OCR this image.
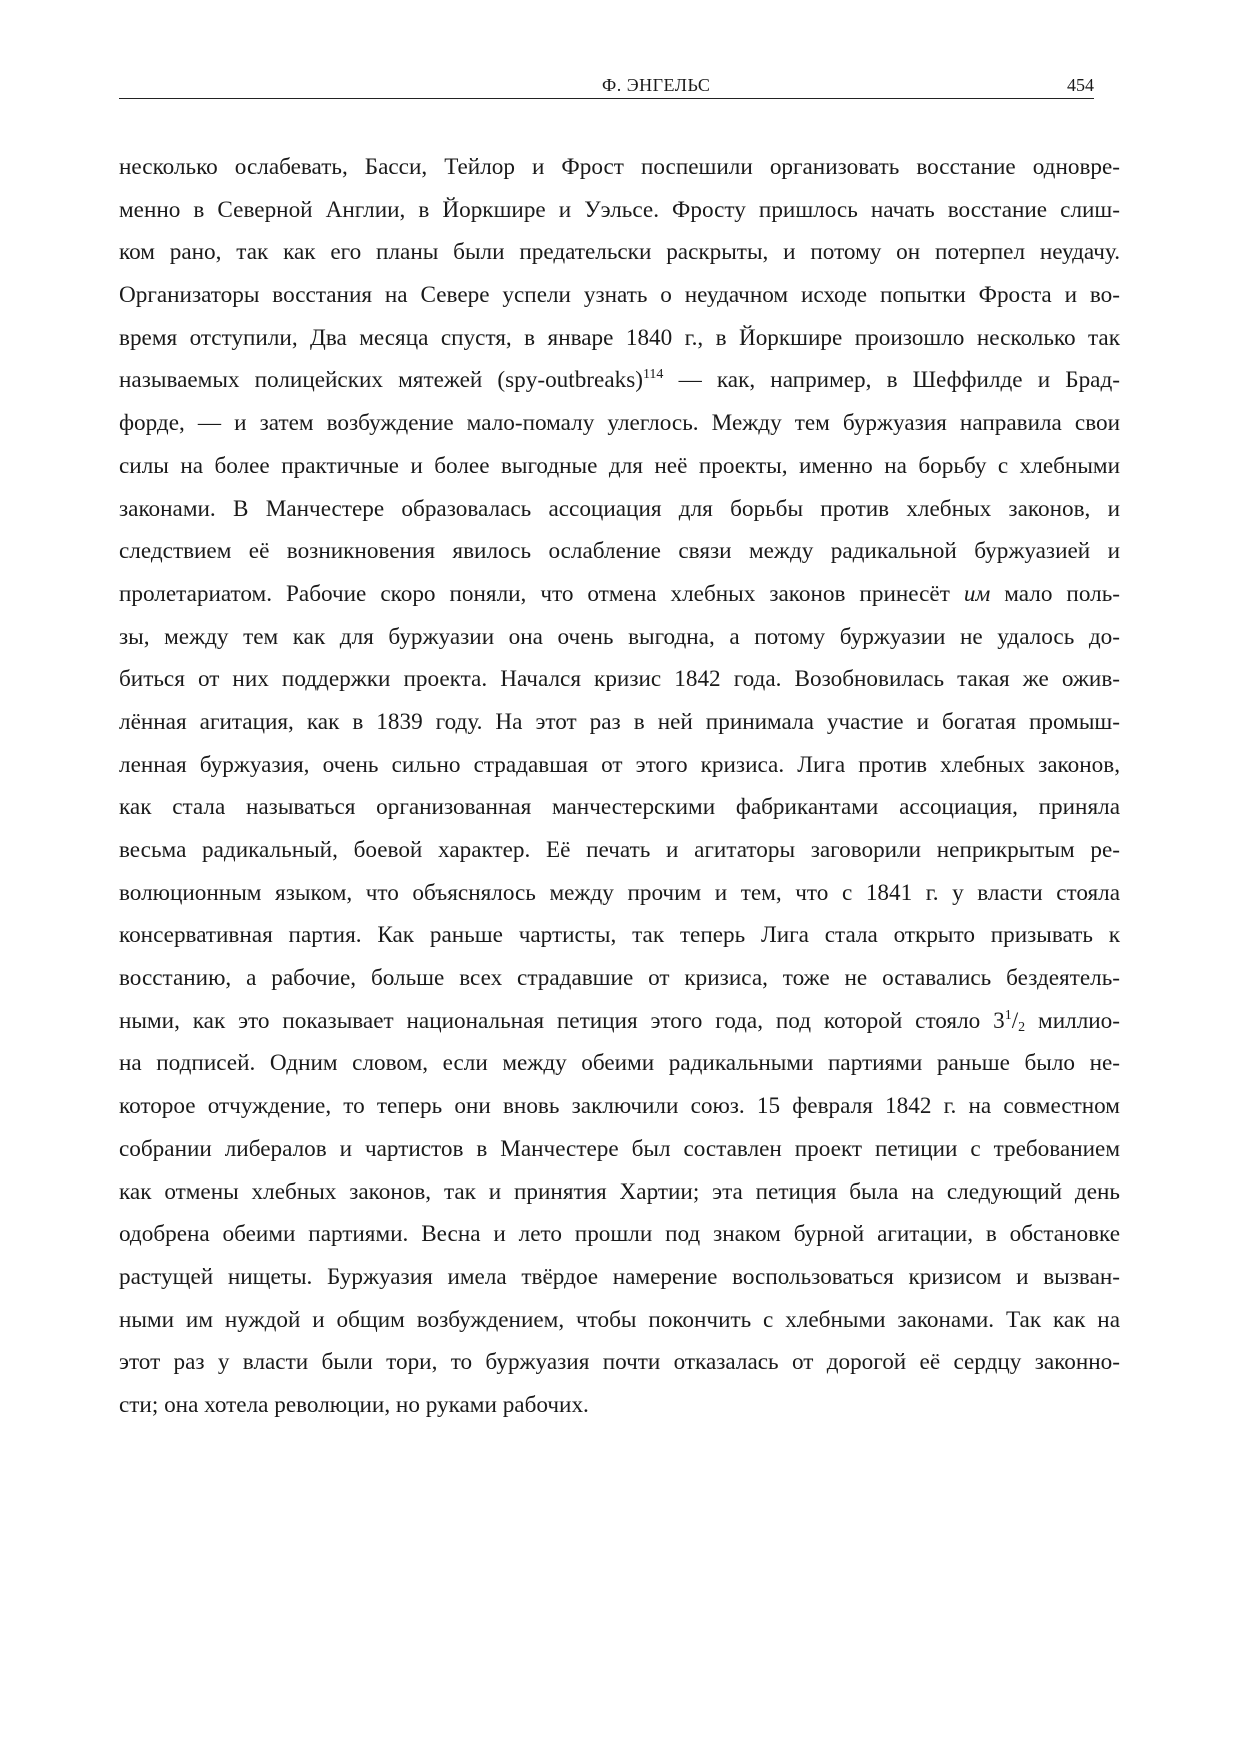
Ф. ЭНГЕЛЬС	454
несколько ослабевать, Басси, Тейлор и Фрост поспешили организовать восстание одновре-
менно в Северной Англии, в Йоркшире и Уэльсе. Фросту пришлось начать восстание слиш-
ком рано, так как его планы были предательски раскрыты, и потому он потерпел неудачу.
Организаторы восстания на Севере успели узнать о неудачном исходе попытки Фроста и во-
время отступили, Два месяца спустя, в январе 1840 г., в Йоркшире произошло несколько так
называемых полицейских мятежей (spy-outbreaks)$^{114}$ — как, например, в Шеффилде и Брад-
форде, — и затем возбуждение мало-помалу улеглось. Между тем буржуазия направила свои
силы на более практичные и более выгодные для неё проекты, именно на борьбу с хлебными
законами. В Манчестере образовалась ассоциация для борьбы против хлебных законов, и
следствием её возникновения явилось ослабление связи между радикальной буржуазией и
пролетариатом. Рабочие скоро поняли, что отмена хлебных законов принесёт им мало поль-
зы, между тем как для буржуазии она очень выгодна, а потому буржуазии не удалось до-
биться от них поддержки проекта. Начался кризис 1842 года. Возобновилась такая же ожив-
лённая агитация, как в 1839 году. На этот раз в ней принимала участие и богатая промыш-
ленная буржуазия, очень сильно страдавшая от этого кризиса. Лига против хлебных законов,
как стала называться организованная манчестерскими фабрикантами ассоциация, приняла
весьма радикальный, боевой характер. Её печать и агитаторы заговорили неприкрытым ре-
волюционным языком, что объяснялось между прочим и тем, что с 1841 г. у власти стояла
консервативная партия. Как раньше чартисты, так теперь Лига стала открыто призывать к
восстанию, а рабочие, больше всех страдавшие от кризиса, тоже не оставались бездеятель-
ными, как это показывает национальная петиция этого года, под которой стояло $3^1/_2$ миллио-
на подписей. Одним словом, если между обеими радикальными партиями раньше было не-
которое отчуждение, то теперь они вновь заключили союз. 15 февраля 1842 г. на совместном
собрании либералов и чартистов в Манчестере был составлен проект петиции с требованием
как отмены хлебных законов, так и принятия Хартии; эта петиция была на следующий день
одобрена обеими партиями. Весна и лето прошли под знаком бурной агитации, в обстановке
растущей нищеты. Буржуазия имела твёрдое намерение воспользоваться кризисом и вызван-
ными им нуждой и общим возбуждением, чтобы покончить с хлебными законами. Так как на
этот раз у власти были тори, то буржуазия почти отказалась от дорогой её сердцу законно-
сти; она хотела революции, но руками рабочих.
